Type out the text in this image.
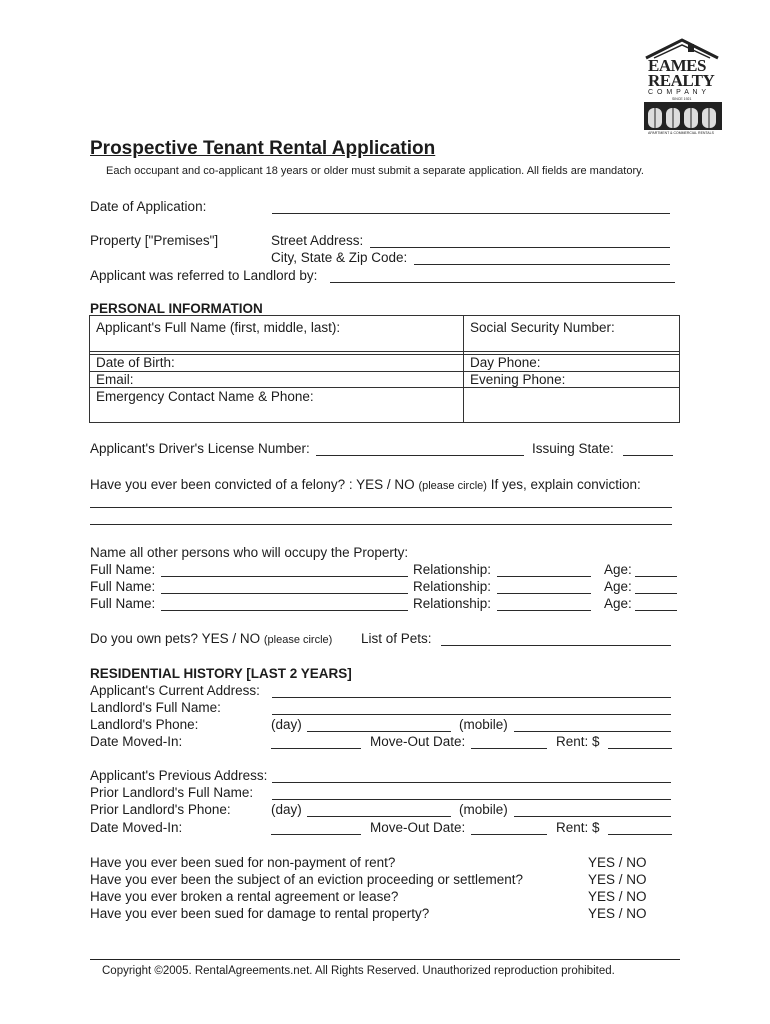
EAMES
REALTY
C O M P A N Y
SINCE 1921
APARTMENT & COMMERCIAL RENTALS
Prospective Tenant Rental Application
Each occupant and co-applicant 18 years or older must submit a separate application. All fields are mandatory.
Date of Application:
Property ["Premises"]	Street Address:
City, State & Zip Code:
Applicant was referred to Landlord by:
PERSONAL INFORMATION
Applicant's Full Name (first, middle, last):	Social Security Number:
Date of Birth:	Day Phone:
Email:	Evening Phone:
Emergency Contact Name & Phone:
Applicant's Driver's License Number:	Issuing State:
Have you ever been convicted of a felony? : YES / NO (please circle) If yes, explain conviction:
Name all other persons who will occupy the Property:
Full Name:	Relationship:	Age:
Full Name:	Relationship:	Age:
Full Name:	Relationship:	Age:
Do you own pets? YES / NO (please circle) List of Pets:
RESIDENTIAL HISTORY [LAST 2 YEARS]
Applicant's Current Address:
Landlord's Full Name:
Landlord's Phone:	(day)	(mobile)
Date Moved-In:	Move-Out Date:	Rent: $
Applicant's Previous Address:
Prior Landlord's Full Name:
Prior Landlord's Phone:	(day)	(mobile)
Date Moved-In:	Move-Out Date:	Rent: $
Have you ever been sued for non-payment of rent?	YES / NO
Have you ever been the subject of an eviction proceeding or settlement?	YES / NO
Have you ever broken a rental agreement or lease?	YES / NO
Have you ever been sued for damage to rental property?	YES / NO
Copyright ©2005. RentalAgreements.net. All Rights Reserved. Unauthorized reproduction prohibited.
